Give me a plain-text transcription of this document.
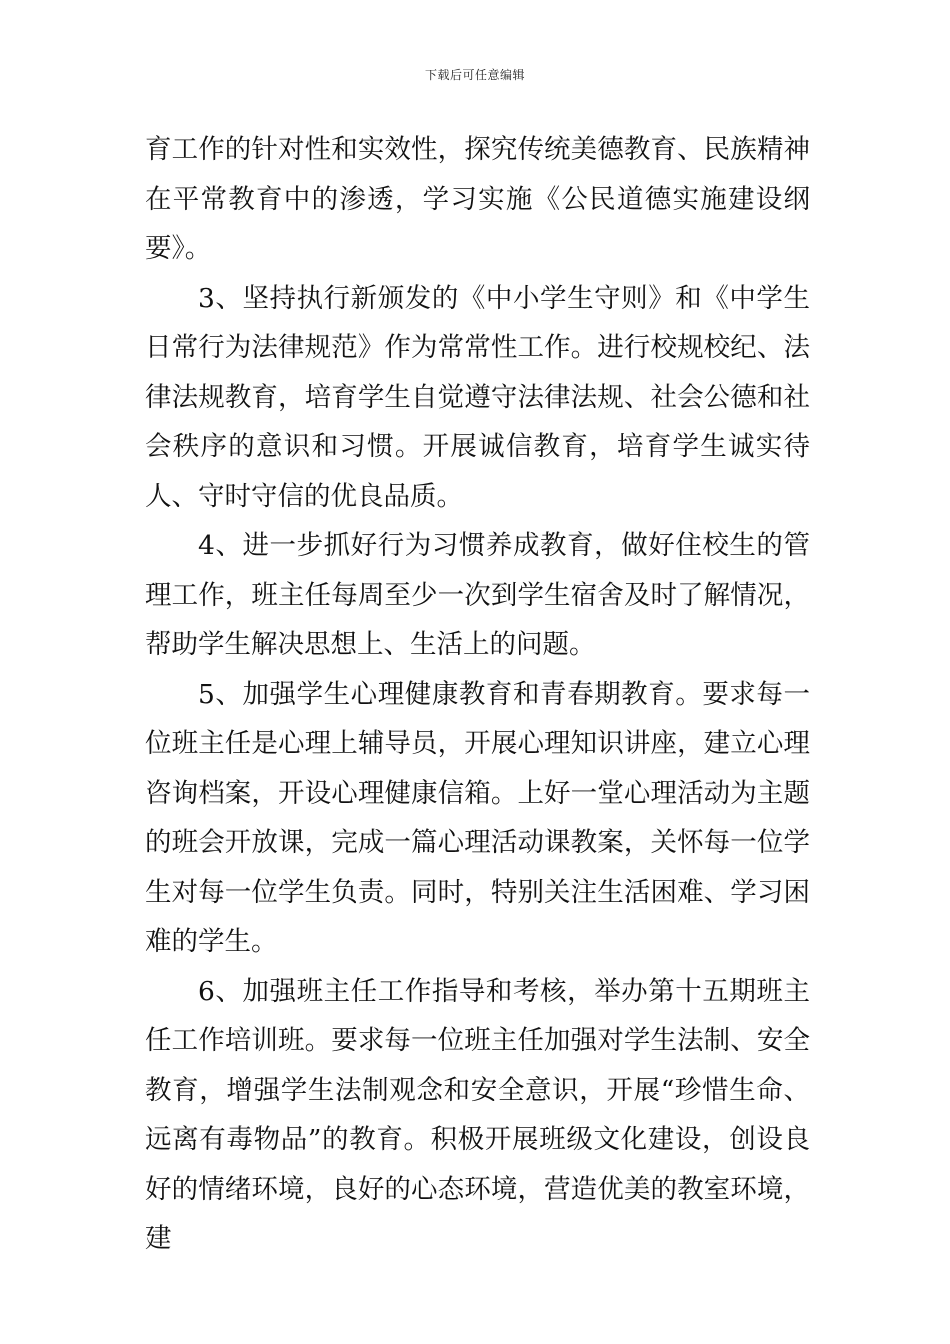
下载后可任意编辑

育工作的针对性和实效性，探究传统美德教育、民族精神在平常教育中的渗透，学习实施《公民道德实施建设纲要》。

3、坚持执行新颁发的《中小学生守则》和《中学生日常行为法律规范》作为常常性工作。进行校规校纪、法律法规教育，培育学生自觉遵守法律法规、社会公德和社会秩序的意识和习惯。开展诚信教育，培育学生诚实待人、守时守信的优良品质。

4、进一步抓好行为习惯养成教育，做好住校生的管理工作，班主任每周至少一次到学生宿舍及时了解情况，帮助学生解决思想上、生活上的问题。

5、加强学生心理健康教育和青春期教育。要求每一位班主任是心理上辅导员，开展心理知识讲座，建立心理咨询档案，开设心理健康信箱。上好一堂心理活动为主题的班会开放课，完成一篇心理活动课教案，关怀每一位学生对每一位学生负责。同时，特别关注生活困难、学习困难的学生。

6、加强班主任工作指导和考核，举办第十五期班主任工作培训班。要求每一位班主任加强对学生法制、安全教育，增强学生法制观念和安全意识，开展“珍惜生命、远离有毒物品”的教育。积极开展班级文化建设，创设良好的情绪环境，良好的心态环境，营造优美的教室环境，建
